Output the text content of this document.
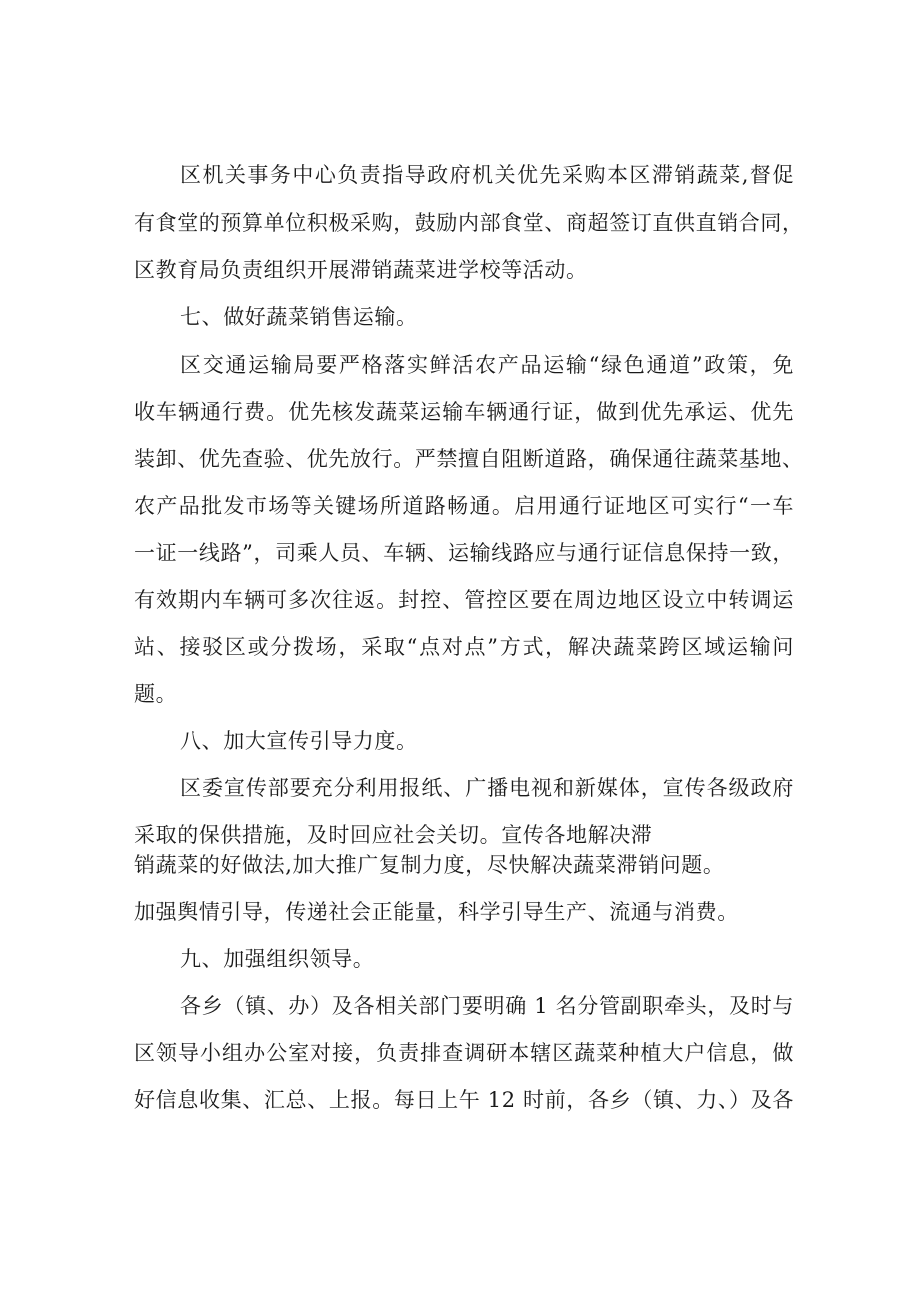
区机关事务中心负责指导政府机关优先采购本区滞销蔬菜,督促
有食堂的预算单位积极采购，鼓励内部食堂、商超签订直供直销合同，
区教育局负责组织开展滞销蔬菜进学校等活动。
七、做好蔬菜销售运输。
区交通运输局要严格落实鲜活农产品运输“绿色通道”政策，免
收车辆通行费。优先核发蔬菜运输车辆通行证，做到优先承运、优先
装卸、优先查验、优先放行。严禁擅自阻断道路，确保通往蔬菜基地、
农产品批发市场等关键场所道路畅通。启用通行证地区可实行“一车
一证一线路”，司乘人员、车辆、运输线路应与通行证信息保持一致，
有效期内车辆可多次往返。封控、管控区要在周边地区设立中转调运
站、接驳区或分拨场，采取“点对点”方式，解决蔬菜跨区域运输问
题。
八、加大宣传引导力度。
区委宣传部要充分利用报纸、广播电视和新媒体，宣传各级政府
采取的保供措施，及时回应社会关切。宣传各地解决滞
销蔬菜的好做法,加大推广复制力度，尽快解决蔬菜滞销问题。
加强舆情引导，传递社会正能量，科学引导生产、流通与消费。
九、加强组织领导。
各乡（镇、办）及各相关部门要明确 1 名分管副职牵头，及时与
区领导小组办公室对接，负责排查调研本辖区蔬菜种植大户信息，做
好信息收集、汇总、上报。每日上午 12 时前，各乡（镇、力、）及各
